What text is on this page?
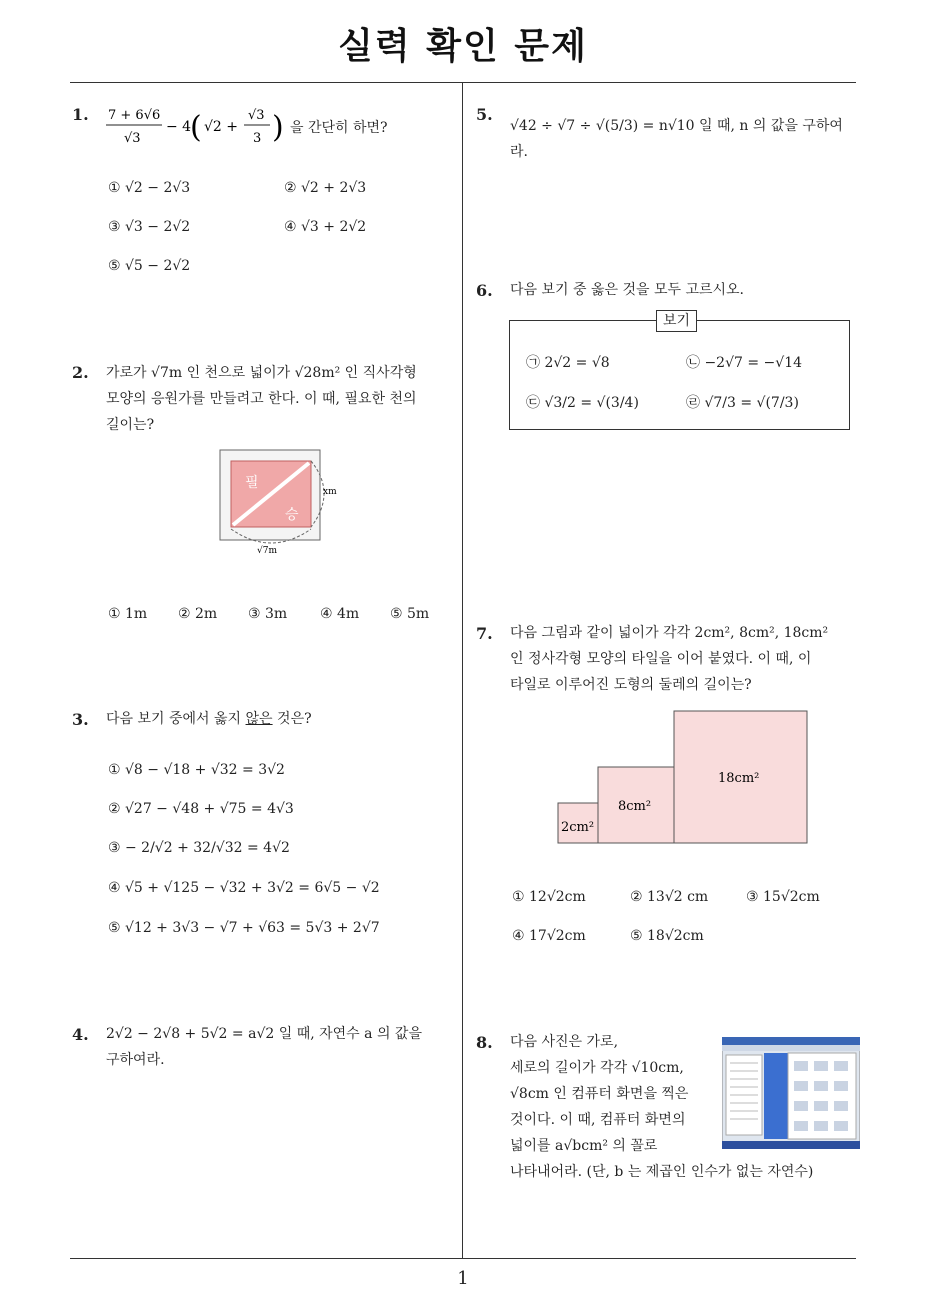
실력 확인 문제
1
1. 7 + 6√6
√3
− 4
( √2 +
√3
3 ) 을 간단히 하면?
① √2 − 2√3	② √2 + 2√3
③ √3 − 2√2	④ √3 + 2√2
⑤ √5 − 2√2
2. 가로가 √7m 인 천으로 넓이가 √28m² 인 직사각형
모양의 응원가를 만들려고 한다. 이 때, 필요한 천의
길이는?
필
승
xm
√7m
① 1m ② 2m ③ 3m ④ 4m ⑤ 5m
3. 다음 보기 중에서 옳지 않은 것은?
① √8 − √18 + √32 = 3√2
② √27 − √48 + √75 = 4√3
③ − 2/√2 + 32/√32 = 4√2
④ √5 + √125 − √32 + 3√2 = 6√5 − √2
⑤ √12 + 3√3 − √7 + √63 = 5√3 + 2√7
4. 2√2 − 2√8 + 5√2 = a√2 일 때, 자연수 a 의 값을
구하여라.
5.
√42 ÷ √7 ÷ √(5/3) = n√10 일 때, n 의 값을 구하여라.
6. 다음 보기 중 옳은 것을 모두 고르시오.
보기
㉠ 2√2 = √8	㉡ −2√7 = −√14
㉢ √3/2 = √(3/4)	㉣ √7/3 = √(7/3)
7. 다음 그림과 같이 넓이가 각각 2cm², 8cm², 18cm²
인 정사각형 모양의 타일을 이어 붙였다. 이 때, 이
타일로 이루어진 도형의 둘레의 길이는?
2cm²
8cm²
18cm²
① 12√2cm	② 13√2 cm	③ 15√2cm
④ 17√2cm	⑤ 18√2cm
8. 다음 사진은 가로,
세로의 길이가 각각 √10cm,
√8cm 인 컴퓨터 화면을 찍은
것이다. 이 때, 컴퓨터 화면의
넓이를 a√bcm² 의 꼴로
나타내어라. (단, b 는 제곱인 인수가 없는 자연수)
